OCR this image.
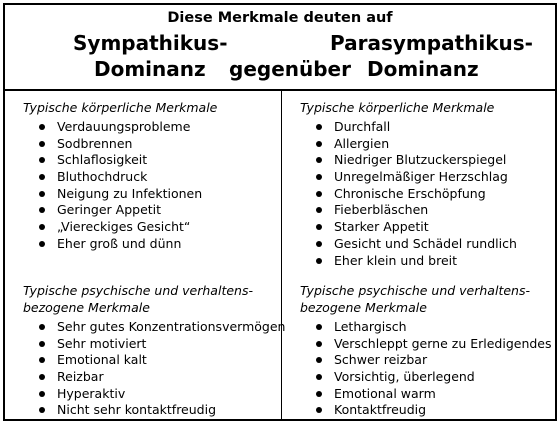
Diese Merkmale deuten auf
Sympathikus-
Dominanz gegenüber
Parasympathikus-
Dominanz
Typische körperliche Merkmale
Verdauungsprobleme
Sodbrennen
Schlaflosigkeit
Bluthochdruck
Neigung zu Infektionen
Geringer Appetit
„Viereckiges Gesicht“
Eher groß und dünn
Typische psychische und verhaltens-
bezogene Merkmale
Sehr gutes Konzentrationsvermögen
Sehr motiviert
Emotional kalt
Reizbar
Hyperaktiv
Nicht sehr kontaktfreudig
Typische körperliche Merkmale
Durchfall
Allergien
Niedriger Blutzuckerspiegel
Unregelmäßiger Herzschlag
Chronische Erschöpfung
Fieberbläschen
Starker Appetit
Gesicht und Schädel rundlich
Eher klein und breit
Typische psychische und verhaltens-
bezogene Merkmale
Lethargisch
Verschleppt gerne zu Erledigendes
Schwer reizbar
Vorsichtig, überlegend
Emotional warm
Kontaktfreudig
